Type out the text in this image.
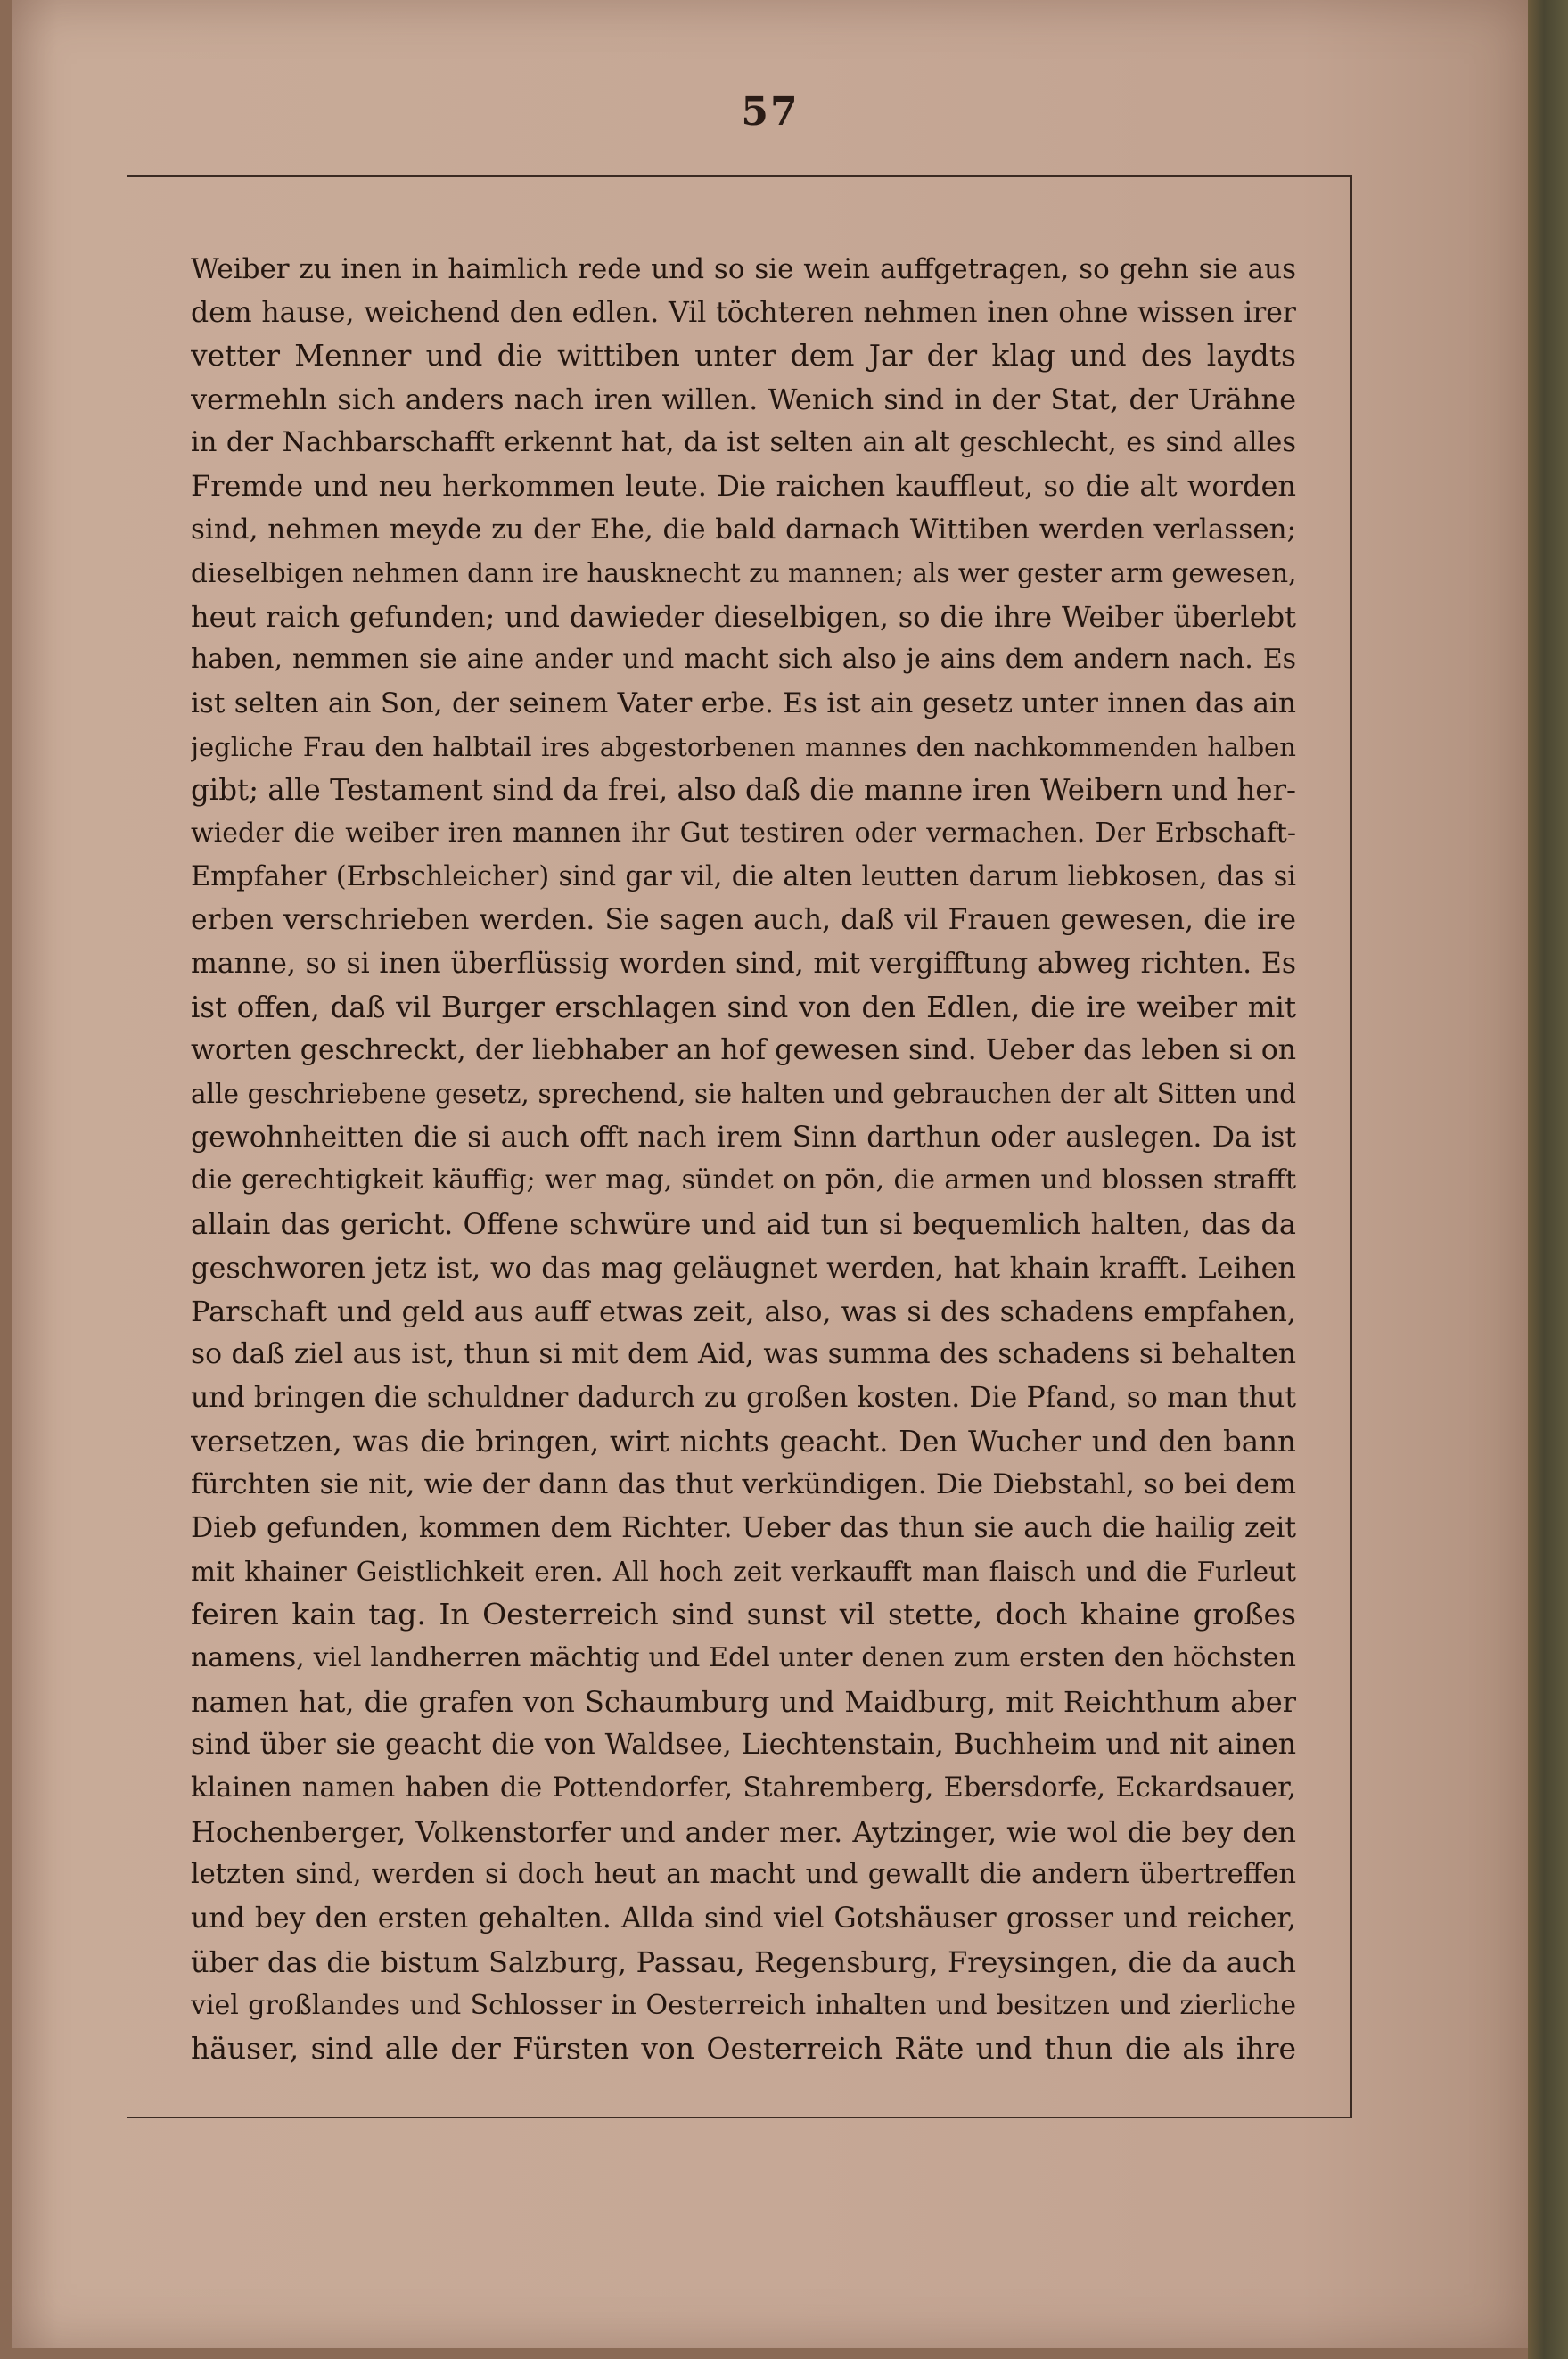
57
Weiber zu inen in haimlich rede und so sie wein auffgetragen, so gehn sie aus
dem hause, weichend den edlen. Vil töchteren nehmen inen ohne wissen irer
vetter Menner und die wittiben unter dem Jar der klag und des laydts
vermehln sich anders nach iren willen. Wenich sind in der Stat, der Urähne
in der Nachbarschafft erkennt hat, da ist selten ain alt geschlecht, es sind alles
Fremde und neu herkommen leute. Die raichen kauffleut, so die alt worden
sind, nehmen meyde zu der Ehe, die bald darnach Wittiben werden verlassen;
dieselbigen nehmen dann ire hausknecht zu mannen; als wer gester arm gewesen,
heut raich gefunden; und dawieder dieselbigen, so die ihre Weiber überlebt
haben, nemmen sie aine ander und macht sich also je ains dem andern nach. Es
ist selten ain Son, der seinem Vater erbe. Es ist ain gesetz unter innen das ain
jegliche Frau den halbtail ires abgestorbenen mannes den nachkommenden halben
gibt; alle Testament sind da frei, also daß die manne iren Weibern und her-
wieder die weiber iren mannen ihr Gut testiren oder vermachen. Der Erbschaft-
Empfaher (Erbschleicher) sind gar vil, die alten leutten darum liebkosen, das si
erben verschrieben werden. Sie sagen auch, daß vil Frauen gewesen, die ire
manne, so si inen überflüssig worden sind, mit vergifftung abweg richten. Es
ist offen, daß vil Burger erschlagen sind von den Edlen, die ire weiber mit
worten geschreckt, der liebhaber an hof gewesen sind. Ueber das leben si on
alle geschriebene gesetz, sprechend, sie halten und gebrauchen der alt Sitten und
gewohnheitten die si auch offt nach irem Sinn darthun oder auslegen. Da ist
die gerechtigkeit käuffig; wer mag, sündet on pön, die armen und blossen strafft
allain das gericht. Offene schwüre und aid tun si bequemlich halten, das da
geschworen jetz ist, wo das mag geläugnet werden, hat khain krafft. Leihen
Parschaft und geld aus auff etwas zeit, also, was si des schadens empfahen,
so daß ziel aus ist, thun si mit dem Aid, was summa des schadens si behalten
und bringen die schuldner dadurch zu großen kosten. Die Pfand, so man thut
versetzen, was die bringen, wirt nichts geacht. Den Wucher und den bann
fürchten sie nit, wie der dann das thut verkündigen. Die Diebstahl, so bei dem
Dieb gefunden, kommen dem Richter. Ueber das thun sie auch die hailig zeit
mit khainer Geistlichkeit eren. All hoch zeit verkaufft man flaisch und die Furleut
feiren kain tag. In Oesterreich sind sunst vil stette, doch khaine großes
namens, viel landherren mächtig und Edel unter denen zum ersten den höchsten
namen hat, die grafen von Schaumburg und Maidburg, mit Reichthum aber
sind über sie geacht die von Waldsee, Liechtenstain, Buchheim und nit ainen
klainen namen haben die Pottendorfer, Stahremberg, Ebersdorfe, Eckardsauer,
Hochenberger, Volkenstorfer und ander mer. Aytzinger, wie wol die bey den
letzten sind, werden si doch heut an macht und gewallt die andern übertreffen
und bey den ersten gehalten. Allda sind viel Gotshäuser grosser und reicher,
über das die bistum Salzburg, Passau, Regensburg, Freysingen, die da auch
viel großlandes und Schlosser in Oesterreich inhalten und besitzen und zierliche
häuser, sind alle der Fürsten von Oesterreich Räte und thun die als ihre
